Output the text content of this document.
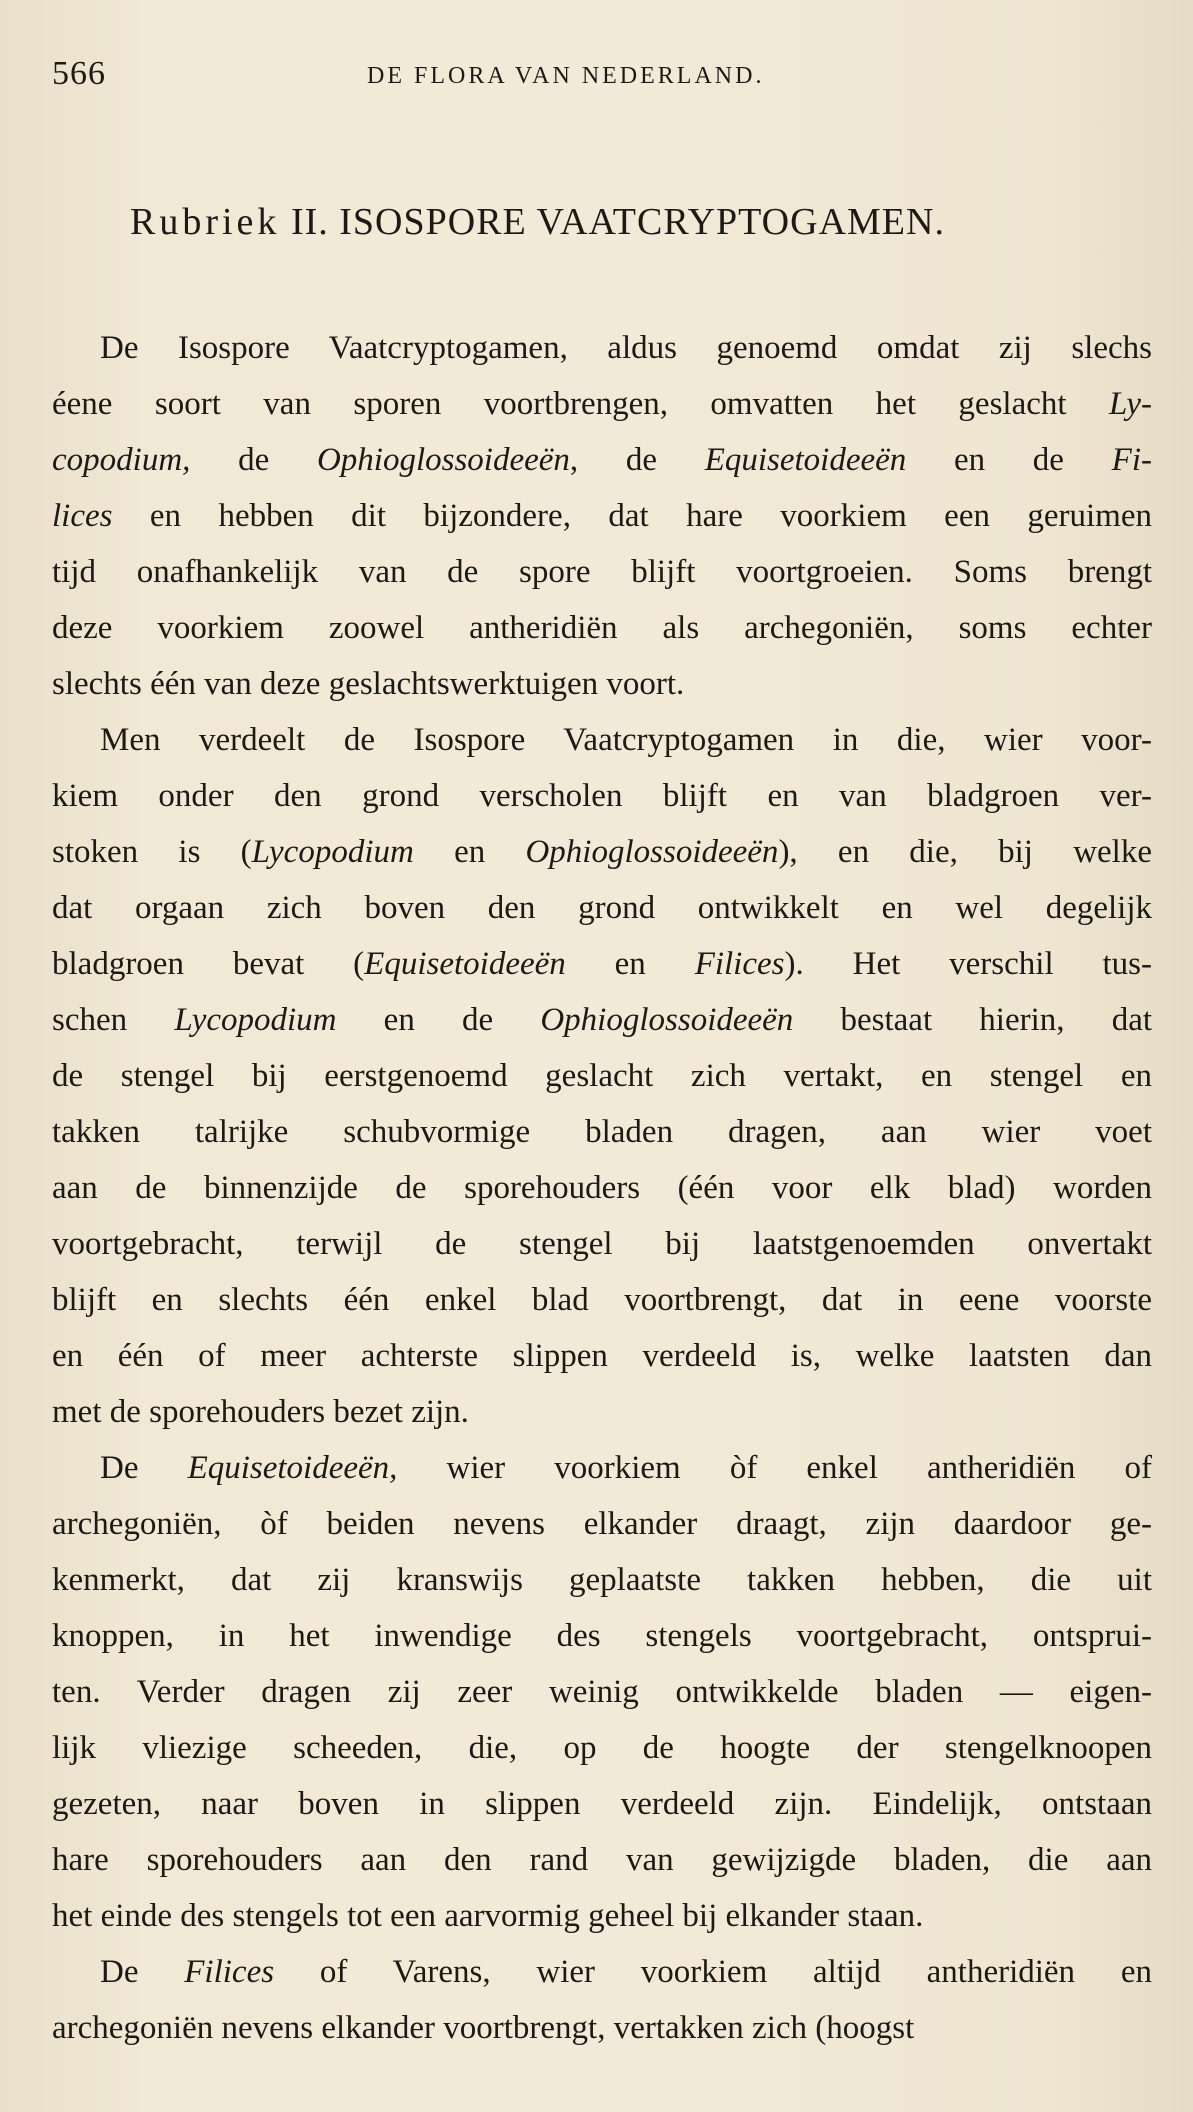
566	DE FLORA VAN NEDERLAND.
Rubriek II. ISOSPORE VAATCRYPTOGAMEN.
De Isospore Vaatcryptogamen, aldus genoemd omdat zij slechs
éene soort van sporen voortbrengen, omvatten het geslacht Ly-
copodium, de Ophioglossoideeën, de Equisetoideeën en de Fi-
lices en hebben dit bijzondere, dat hare voorkiem een geruimen
tijd onafhankelijk van de spore blijft voortgroeien. Soms brengt
deze voorkiem zoowel antheridiën als archegoniën, soms echter
slechts één van deze geslachtswerktuigen voort.
Men verdeelt de Isospore Vaatcryptogamen in die, wier voor-
kiem onder den grond verscholen blijft en van bladgroen ver-
stoken is (Lycopodium en Ophioglossoideeën), en die, bij welke
dat orgaan zich boven den grond ontwikkelt en wel degelijk
bladgroen bevat (Equisetoideeën en Filices). Het verschil tus-
schen Lycopodium en de Ophioglossoideeën bestaat hierin, dat
de stengel bij eerstgenoemd geslacht zich vertakt, en stengel en
takken talrijke schubvormige bladen dragen, aan wier voet
aan de binnenzijde de sporehouders (één voor elk blad) worden
voortgebracht, terwijl de stengel bij laatstgenoemden onvertakt
blijft en slechts één enkel blad voortbrengt, dat in eene voorste
en één of meer achterste slippen verdeeld is, welke laatsten dan
met de sporehouders bezet zijn.
De Equisetoideeën, wier voorkiem òf enkel antheridiën of
archegoniën, òf beiden nevens elkander draagt, zijn daardoor ge-
kenmerkt, dat zij kranswijs geplaatste takken hebben, die uit
knoppen, in het inwendige des stengels voortgebracht, ontsprui-
ten. Verder dragen zij zeer weinig ontwikkelde bladen — eigen-
lijk vliezige scheeden, die, op de hoogte der stengelknoopen
gezeten, naar boven in slippen verdeeld zijn. Eindelijk, ontstaan
hare sporehouders aan den rand van gewijzigde bladen, die aan
het einde des stengels tot een aarvormig geheel bij elkander staan.
De Filices of Varens, wier voorkiem altijd antheridiën en
archegoniën nevens elkander voortbrengt, vertakken zich (hoogst
